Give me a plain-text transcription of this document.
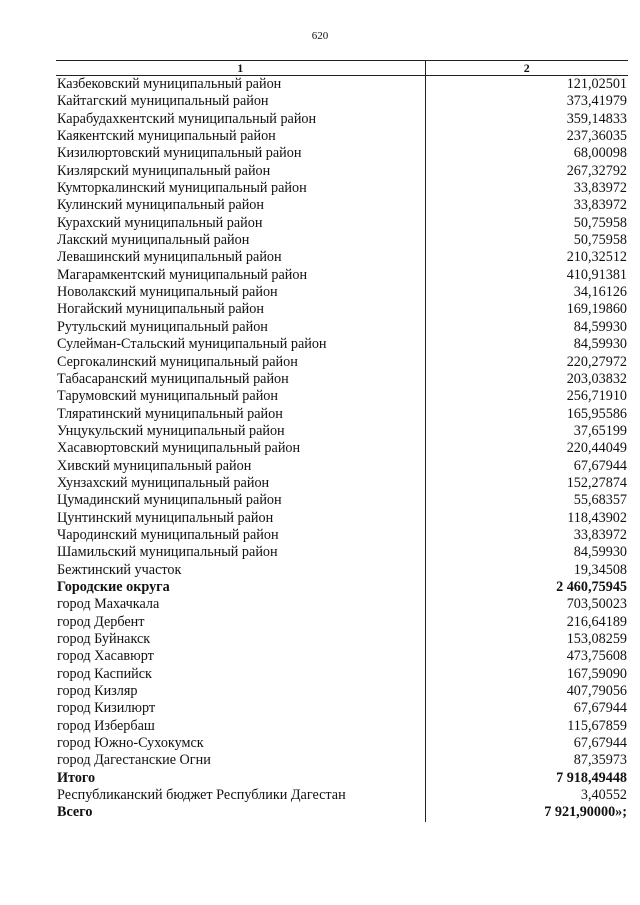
620
1	2
Казбековский муниципальный район	121,02501
Кайтагский муниципальный район	373,41979
Карабудахкентский муниципальный район	359,14833
Каякентский муниципальный район	237,36035
Кизилюртовский муниципальный район	68,00098
Кизлярский муниципальный район	267,32792
Кумторкалинский муниципальный район	33,83972
Кулинский муниципальный район	33,83972
Курахский муниципальный район	50,75958
Лакский муниципальный район	50,75958
Левашинский муниципальный район	210,32512
Магарамкентский муниципальный район	410,91381
Новолакский муниципальный район	34,16126
Ногайский муниципальный район	169,19860
Рутульский муниципальный район	84,59930
Сулейман-Стальский муниципальный район	84,59930
Сергокалинский муниципальный район	220,27972
Табасаранский муниципальный район	203,03832
Тарумовский муниципальный район	256,71910
Тляратинский муниципальный район	165,95586
Унцукульский муниципальный район	37,65199
Хасавюртовский муниципальный район	220,44049
Хивский муниципальный район	67,67944
Хунзахский муниципальный район	152,27874
Цумадинский муниципальный район	55,68357
Цунтинский муниципальный район	118,43902
Чародинский муниципальный район	33,83972
Шамильский муниципальный район	84,59930
Бежтинский участок	19,34508
Городские округа	2 460,75945
город Махачкала	703,50023
город Дербент	216,64189
город Буйнакск	153,08259
город Хасавюрт	473,75608
город Каспийск	167,59090
город Кизляр	407,79056
город Кизилюрт	67,67944
город Избербаш	115,67859
город Южно-Сухокумск	67,67944
город Дагестанские Огни	87,35973
Итого	7 918,49448
Республиканский бюджет Республики Дагестан	3,40552
Всего	7 921,90000»;
